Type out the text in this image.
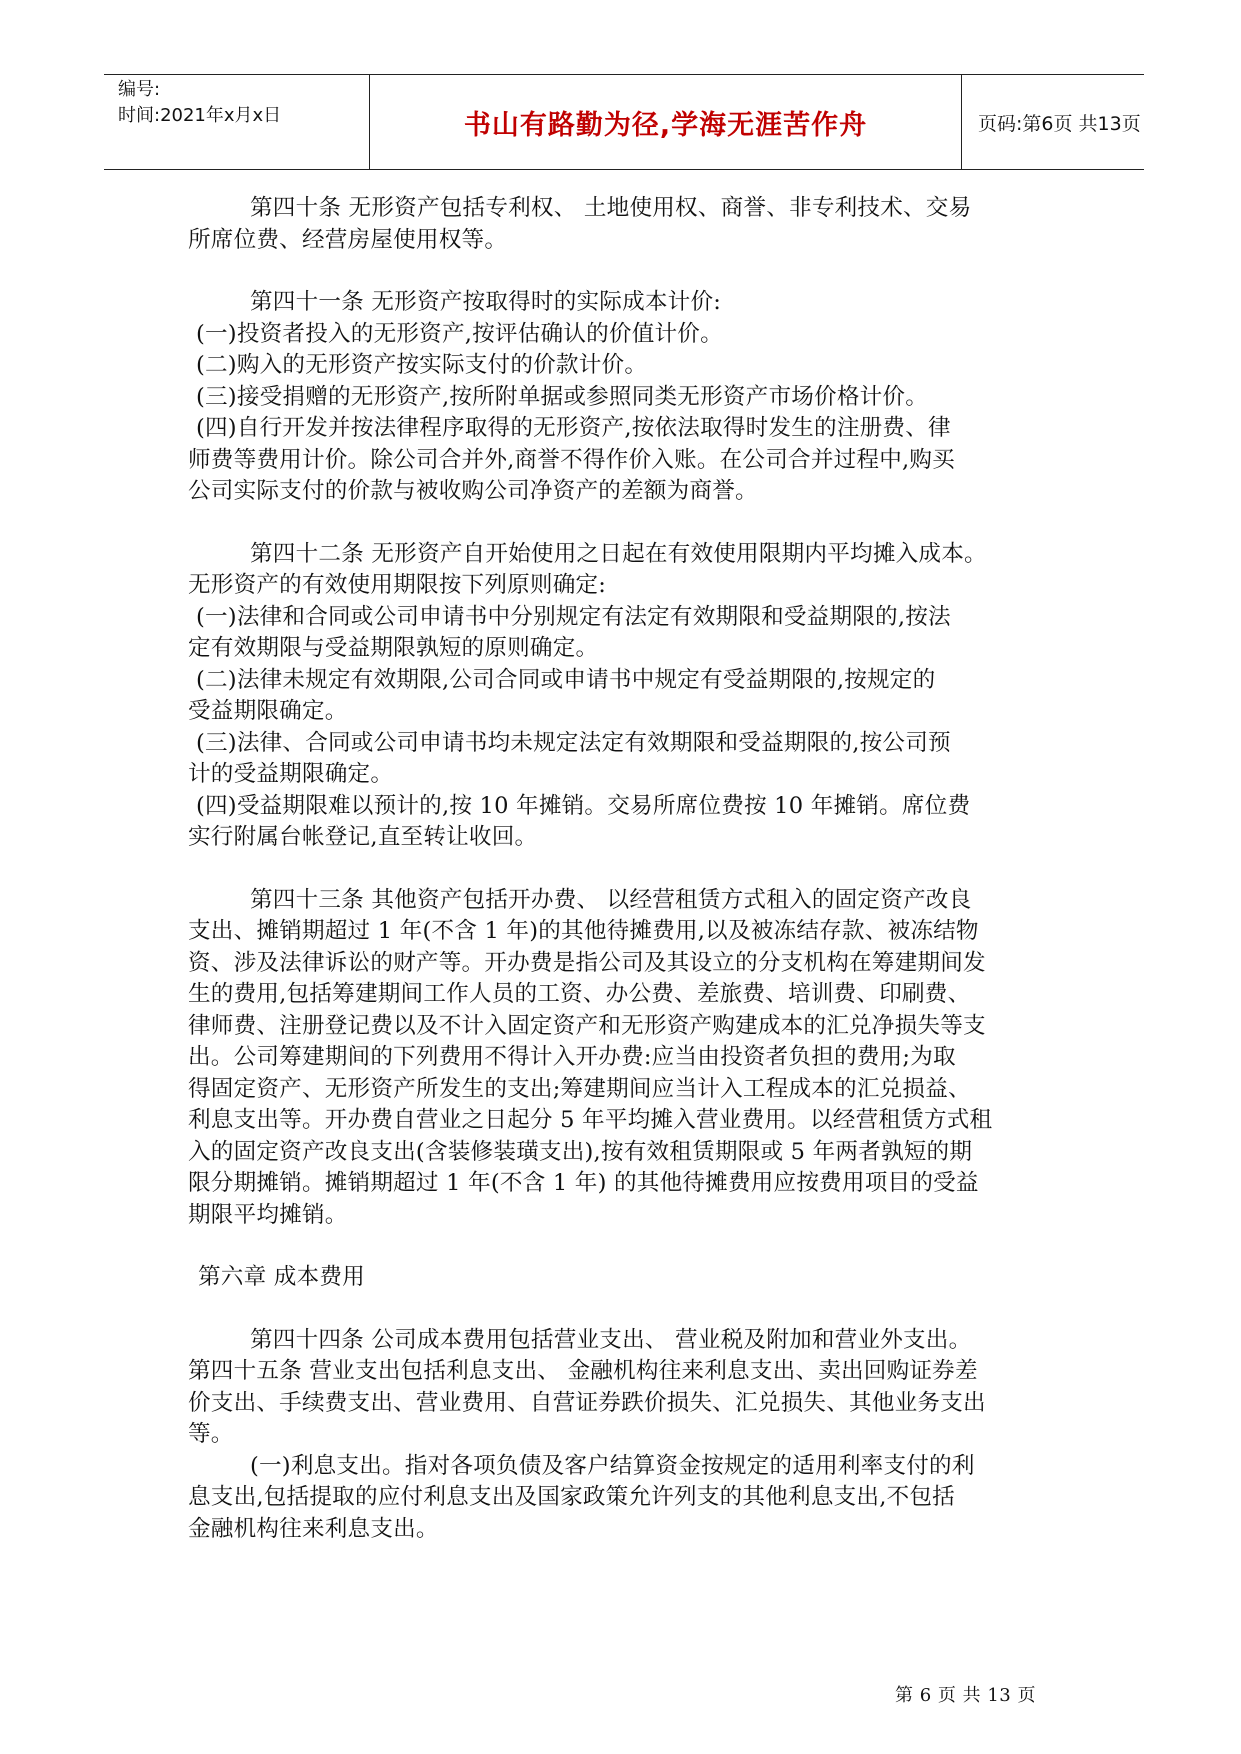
编号:
时间:2021年x月x日	书山有路勤为径,学海无涯苦作舟	页码:第6页 共13页

第四十条 无形资产包括专利权、 土地使用权、商誉、非专利技术、交易

所席位费、经营房屋使用权等。

第四十一条 无形资产按取得时的实际成本计价:

(一)投资者投入的无形资产,按评估确认的价值计价。

(二)购入的无形资产按实际支付的价款计价。

(三)接受捐赠的无形资产,按所附单据或参照同类无形资产市场价格计价。

(四)自行开发并按法律程序取得的无形资产,按依法取得时发生的注册费、律

师费等费用计价。除公司合并外,商誉不得作价入账。在公司合并过程中,购买

公司实际支付的价款与被收购公司净资产的差额为商誉。

第四十二条 无形资产自开始使用之日起在有效使用限期内平均摊入成本。

无形资产的有效使用期限按下列原则确定:

(一)法律和合同或公司申请书中分别规定有法定有效期限和受益期限的,按法

定有效期限与受益期限孰短的原则确定。

(二)法律未规定有效期限,公司合同或申请书中规定有受益期限的,按规定的

受益期限确定。

(三)法律、合同或公司申请书均未规定法定有效期限和受益期限的,按公司预

计的受益期限确定。

(四)受益期限难以预计的,按 10 年摊销。交易所席位费按 10 年摊销。席位费

实行附属台帐登记,直至转让收回。

第四十三条 其他资产包括开办费、 以经营租赁方式租入的固定资产改良

支出、摊销期超过 1 年(不含 1 年)的其他待摊费用,以及被冻结存款、被冻结物

资、涉及法律诉讼的财产等。开办费是指公司及其设立的分支机构在筹建期间发

生的费用,包括筹建期间工作人员的工资、办公费、差旅费、培训费、印刷费、

律师费、注册登记费以及不计入固定资产和无形资产购建成本的汇兑净损失等支

出。公司筹建期间的下列费用不得计入开办费:应当由投资者负担的费用;为取

得固定资产、无形资产所发生的支出;筹建期间应当计入工程成本的汇兑损益、

利息支出等。开办费自营业之日起分 5 年平均摊入营业费用。以经营租赁方式租

入的固定资产改良支出(含装修装璜支出),按有效租赁期限或 5 年两者孰短的期

限分期摊销。摊销期超过 1 年(不含 1 年) 的其他待摊费用应按费用项目的受益

期限平均摊销。

第六章 成本费用

第四十四条 公司成本费用包括营业支出、 营业税及附加和营业外支出。

第四十五条 营业支出包括利息支出、 金融机构往来利息支出、卖出回购证券差

价支出、手续费支出、营业费用、自营证券跌价损失、汇兑损失、其他业务支出

等。

(一)利息支出。指对各项负债及客户结算资金按规定的适用利率支付的利

息支出,包括提取的应付利息支出及国家政策允许列支的其他利息支出,不包括

金融机构往来利息支出。

第 6 页 共 13 页
